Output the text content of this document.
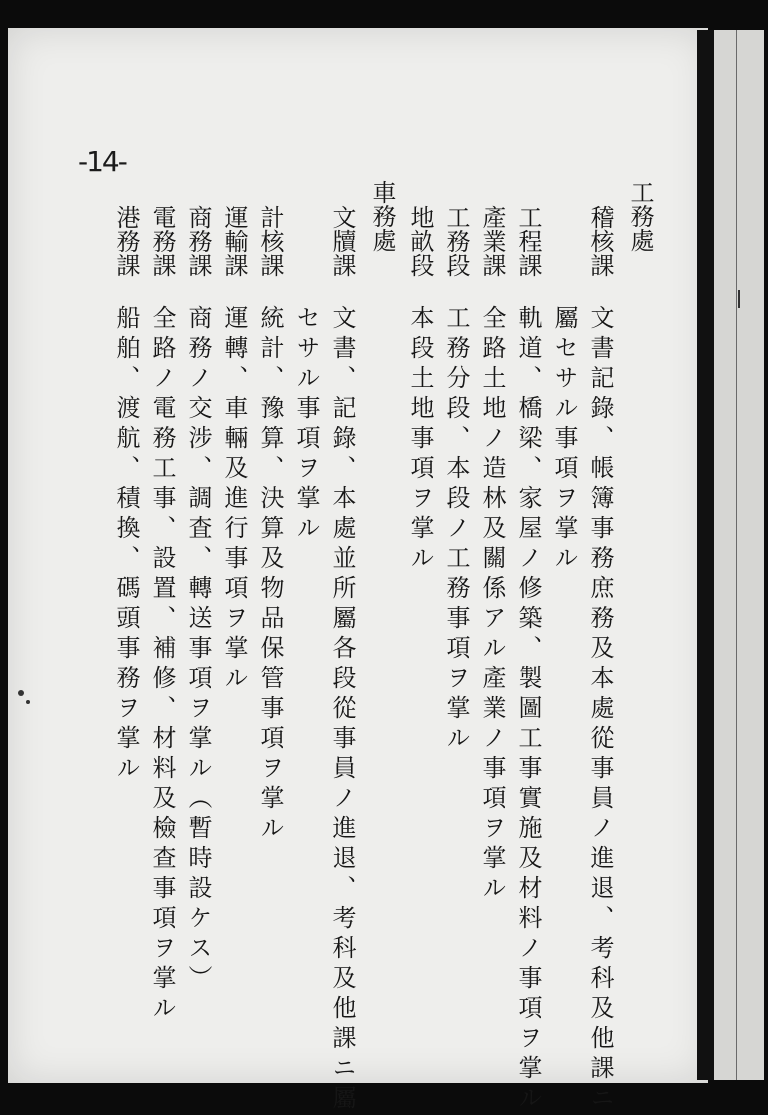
-14-
工務處
稽核課
文書記錄、帳簿事務庶務及本處從事員ノ進退、考科及他課ニ
屬セサル事項ヲ掌ル
工程課
軌道、橋梁、家屋ノ修築、製圖工事實施及材料ノ事項ヲ掌ル
產業課
全路土地ノ造林及關係アル產業ノ事項ヲ掌ル
工務段
工務分段、本段ノ工務事項ヲ掌ル
地畝段
本段土地事項ヲ掌ル
車務處
文牘課
文書、記錄、本處並所屬各段從事員ノ進退、考科及他課ニ屬
セサル事項ヲ掌ル
計核課
統計、豫算、決算及物品保管事項ヲ掌ル
運輸課
運轉、車輛及進行事項ヲ掌ル
商務課
商務ノ交涉、調査、轉送事項ヲ掌ル（暫時設ケス）
電務課
全路ノ電務工事、設置、補修、材料及檢查事項ヲ掌ル
港務課
船舶、渡航、積換、碼頭事務ヲ掌ル
